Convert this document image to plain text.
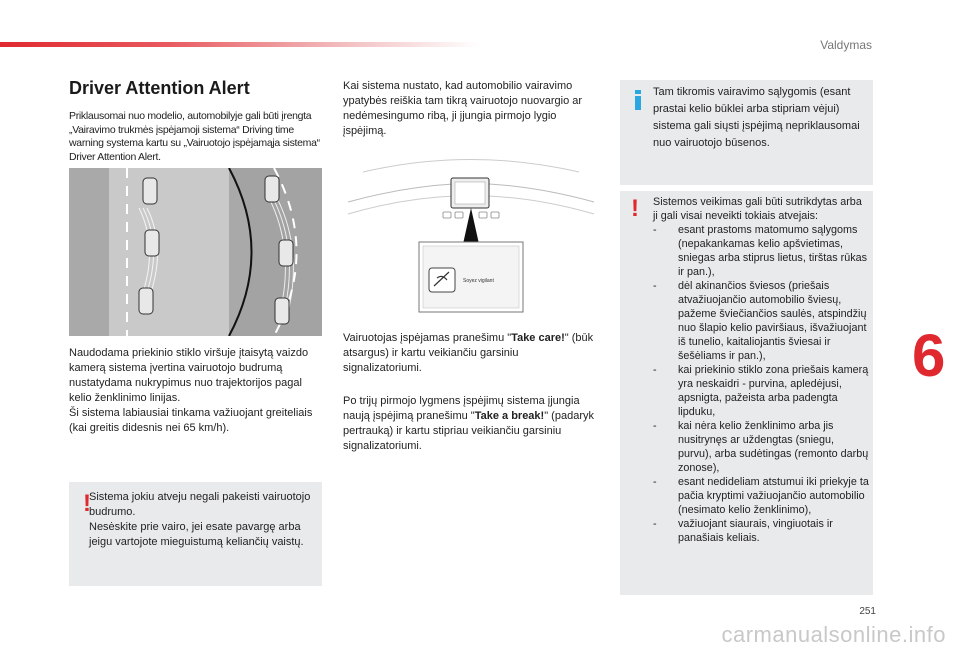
Valdymas
6
251
carmanualsonline.info
Driver Attention Alert
Priklausomai nuo modelio, automobilyje gali būti įrengta „Vairavimo trukmės įspėjamoji sistema“ Driving time warning systema kartu su „Vairuotojo įspėjamąja sistema“ Driver Attention Alert.
Naudodama priekinio stiklo viršuje įtaisytą vaizdo kamerą sistema įvertina vairuotojo budrumą nustatydama nukrypimus nuo trajektorijos pagal kelio ženklinimo linijas.
Ši sistema labiausiai tinkama važiuojant greiteliais (kai greitis didesnis nei 65 km/h).
!
Sistema jokiu atveju negali pakeisti vairuotojo budrumo.
Nesėskite prie vairo, jei esate pavargę arba jeigu vartojote mieguistumą keliančių vaistų.
Kai sistema nustato, kad automobilio vairavimo ypatybės reiškia tam tikrą vairuotojo nuovargio ar nedėmesingumo ribą, ji įjungia pirmojo lygio įspėjimą.
Soyez vigilant
Vairuotojas įspėjamas pranešimu "Take care!" (būk atsargus) ir kartu veikiančiu garsiniu signalizatoriumi.
Po trijų pirmojo lygmens įspėjimų sistema įjungia naują įspėjimą pranešimu "Take a break!" (padaryk pertrauką) ir kartu stipriau veikiančiu garsiniu signalizatoriumi.
Tam tikromis vairavimo sąlygomis (esant prastai kelio būklei arba stipriam vėjui) sistema gali siųsti įspėjimą nepriklausomai nuo vairuotojo būsenos.
! Sistemos veikimas gali būti sutrikdytas arba ji gali visai neveikti tokiais atvejais:
- esant prastoms matomumo sąlygoms (nepakankamas kelio apšvietimas, sniegas arba stiprus lietus, tirštas rūkas ir pan.),
- dėl akinančios šviesos (priešais atvažiuojančio automobilio šviesų, pažeme šviečiančios saulės, atspindžių nuo šlapio kelio paviršiaus, išvažiuojant iš tunelio, kaitaliojantis šviesai ir šešėliams ir pan.),
- kai priekinio stiklo zona priešais kamerą yra neskaidri - purvina, apledėjusi, apsnigta, pažeista arba padengta lipduku,
- kai nėra kelio ženklinimo arba jis nusitrynęs ar uždengtas (sniegu, purvu), arba sudėtingas (remonto darbų zonose),
- esant nedideliam atstumui iki priekyje ta pačia kryptimi važiuojančio automobilio (nesimato kelio ženklinimo),
- važiuojant siaurais, vingiuotais ir panašiais keliais.
